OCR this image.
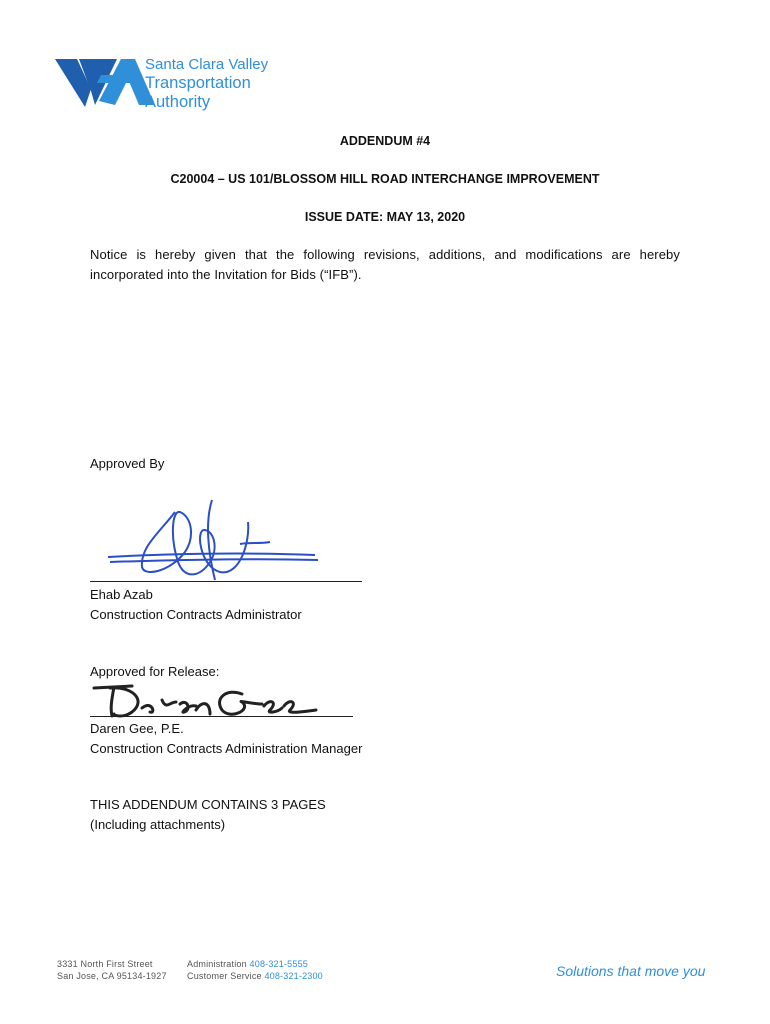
Santa Clara Valley
Transportation
Authority
ADDENDUM #4
C20004 – US 101/BLOSSOM HILL ROAD INTERCHANGE IMPROVEMENT
ISSUE DATE: MAY 13, 2020
Notice is hereby given that the following revisions, additions, and modifications are hereby incorporated into the Invitation for Bids (“IFB”).
Approved By
Ehab Azab
Construction Contracts Administrator
Approved for Release:
Daren Gee, P.E.
Construction Contracts Administration Manager
THIS ADDENDUM CONTAINS 3 PAGES
(Including attachments)
3331 North First Street
San Jose, CA 95134-1927
Administration 408-321-5555
Customer Service 408-321-2300	Solutions that move you
